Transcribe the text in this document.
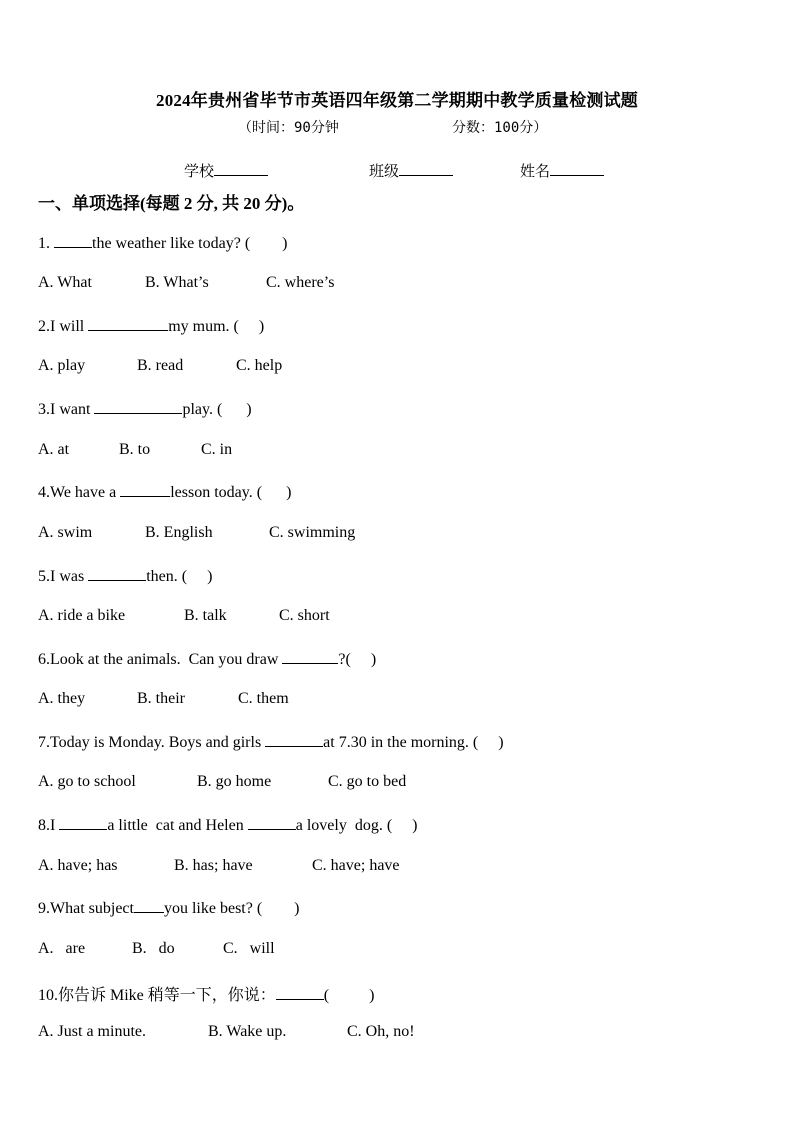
2024年贵州省毕节市英语四年级第二学期期中教学质量检测试题
（时间：90分钟	分数：100分）
学校	班级	姓名
一、单项选择(每题 2 分, 共 20 分)。
1. the weather like today? (        )
A. What	B. What’s	C. where’s
2.I will	my mum. (     )
A. play	B. read	C. help
3.I want	play. (      )
A. at	B. to	C. in
4.We have a	lesson today. (      )
A. swim	B. English	C. swimming
5.I was	then. (     )
A. ride a bike	B. talk	C. short
6.Look at the animals.  Can you draw	?(     )
A. they	B. their	C. them
7.Today is Monday. Boys and girls	at 7.30 in the morning. (     )
A. go to school	B. go home	C. go to bed
8.I	a little  cat and Helen	a lovely  dog. (     )
A. have; has	B. has; have	C. have; have
9.What subject you like best? (        )
A.   are	B.   do	C.   will
10.你告诉 Mike 稍等一下，你说：	(          )
A. Just a minute.	B. Wake up.	C. Oh, no!
